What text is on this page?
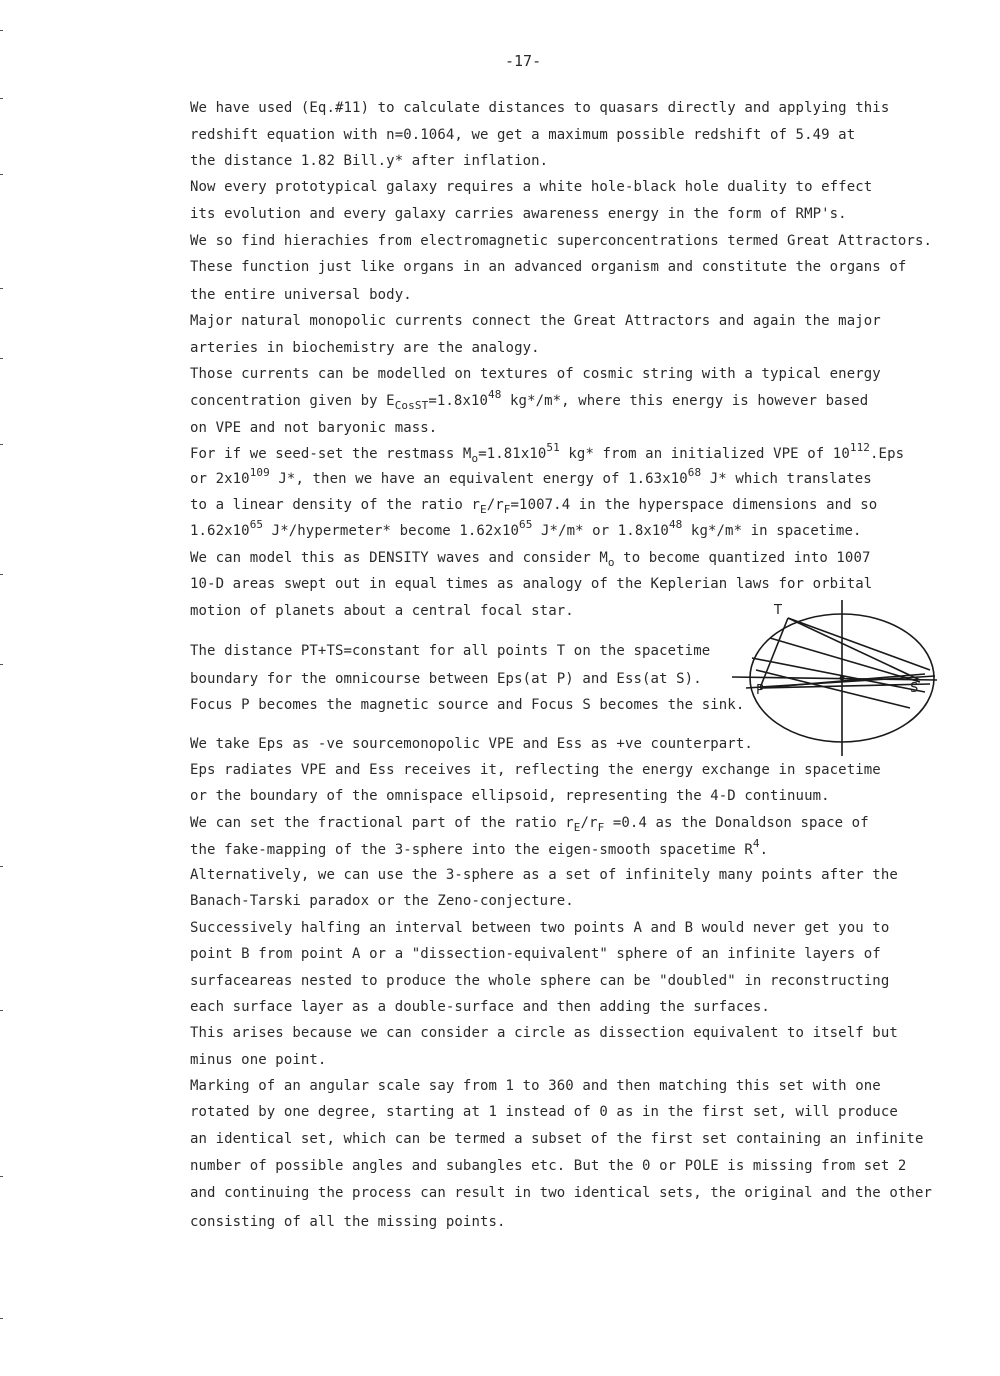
-17-
We have used (Eq.#11) to calculate distances to quasars directly and applying this
redshift equation with n=0.1064, we get a maximum possible redshift of 5.49 at
the distance 1.82 Bill.y* after inflation.
Now every prototypical galaxy requires a white hole-black hole duality to effect
its evolution and every galaxy carries awareness energy in the form of RMP's.
We so find hierachies from electromagnetic superconcentrations termed Great Attractors.
These function just like organs in an advanced organism and constitute the organs of
the entire universal body.
Major natural monopolic currents connect the Great Attractors and again the major
arteries in biochemistry are the analogy.
Those currents can be modelled on textures of cosmic string with a typical energy
concentration given by $E_{CosST}=1.8x10^{48}$ kg*/m*, where this energy is however based
on VPE and not baryonic mass.
For if we seed-set the restmass $M_o=1.81x10^{51}$ kg* from an initialized VPE of $10^{112}.Eps$
or $2x10^{109}$ J*, then we have an equivalent energy of $1.63x10^{68}$ J* which translates
to a linear density of the ratio $r_E/r_F=1007.4$ in the hyperspace dimensions and so
$1.62x10^{65}$ J*/hypermeter* become $1.62x10^{65}$ J*/m* or $1.8x10^{48}$ kg*/m* in spacetime.
We can model this as DENSITY waves and consider $M_o$ to become quantized into 1007
10-D areas swept out in equal times as analogy of the Keplerian laws for orbital
motion of planets about a central focal star.
The distance PT+TS=constant for all points T on the spacetime
boundary for the omnicourse between Eps(at P) and Ess(at S).
Focus P becomes the magnetic source and Focus S becomes the sink.
We take Eps as -ve sourcemonopolic VPE and Ess as +ve counterpart.
Eps radiates VPE and Ess receives it, reflecting the energy exchange in spacetime
or the boundary of the omnispace ellipsoid, representing the 4-D continuum.
We can set the fractional part of the ratio $r_E/r_F =0.4$ as the Donaldson space of
the fake-mapping of the 3-sphere into the eigen-smooth spacetime $R^4$.
Alternatively, we can use the 3-sphere as a set of infinitely many points after the
Banach-Tarski paradox or the Zeno-conjecture.
Successively halfing an interval between two points A and B would never get you to
point B from point A or a "dissection-equivalent" sphere of an infinite layers of
surfaceareas nested to produce the whole sphere can be "doubled" in reconstructing
each surface layer as a double-surface and then adding the surfaces.
This arises because we can consider a circle as dissection equivalent to itself but
minus one point.
Marking of an angular scale say from 1 to 360 and then matching this set with one
rotated by one degree, starting at 1 instead of 0 as in the first set, will produce
an identical set, which can be termed a subset of the first set containing an infinite
number of possible angles and subangles etc. But the 0 or POLE is missing from set 2
and continuing the process can result in two identical sets, the original and the other
consisting of all the missing points.
T
P	S
